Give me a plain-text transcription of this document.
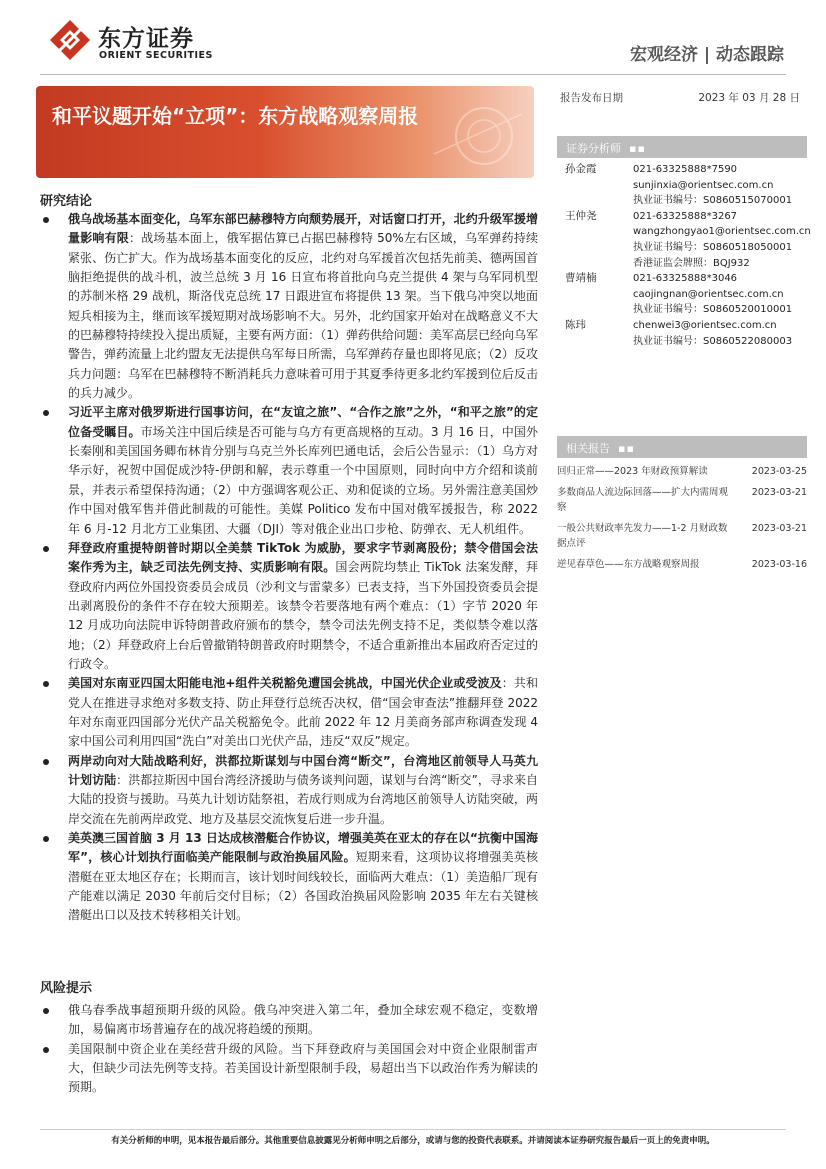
东方证券
ORIENT SECURITIES	宏观经济 | 动态跟踪
和平议题开始“立项”：东方战略观察周报
报告发布日期	2023 年 03 月 28 日
证券分析师 ▪▪
孙金霞	021-63325888*7590
sunjinxia@orientsec.com.cn
执业证书编号：S0860515070001
王仲尧	021-63325888*3267
wangzhongyao1@orientsec.com.cn
执业证书编号：S0860518050001
香港证监会牌照：BQJ932
曹靖楠	021-63325888*3046
caojingnan@orientsec.com.cn
执业证书编号：S0860520010001
陈玮	chenwei3@orientsec.com.cn
执业证书编号：S0860522080003
相关报告 ▪▪
回归正常——2023 年财政预算解读	2023-03-25
多数商品人流边际回落——扩大内需周观察
2023-03-21
一般公共财政率先发力——1-2 月财政数据点评
2023-03-21
逆见春草色——东方战略观察周报	2023-03-16
研究结论
俄乌战场基本面变化，乌军东部巴赫穆特方向颓势展开，对话窗口打开，北约升级军援增量影响有限：战场基本面上，俄军据估算已占据巴赫穆特 50%左右区域，乌军弹药持续紧张、伤亡扩大。作为战场基本面变化的反应，北约对乌军援首次包括先前美、德两国首脑拒绝提供的战斗机，波兰总统 3 月 16 日宣布将首批向乌克兰提供 4 架与乌军同机型的苏制米格 29 战机，斯洛伐克总统 17 日跟进宣布将提供 13 架。当下俄乌冲突以地面短兵相接为主，继而该军援短期对战场影响不大。另外，北约国家开始对在战略意义不大的巴赫穆特持续投入提出质疑，主要有两方面：（1）弹药供给问题：美军高层已经向乌军警告，弹药流量上北约盟友无法提供乌军每日所需，乌军弹药存量也即将见底；（2）反攻兵力问题：乌军在巴赫穆特不断消耗兵力意味着可用于其夏季待更多北约军援到位后反击的兵力减少。
习近平主席对俄罗斯进行国事访问，在“友谊之旅”、“合作之旅”之外，“和平之旅”的定位备受瞩目。市场关注中国后续是否可能与乌方有更高规格的互动。3 月 16 日，中国外长秦刚和美国国务卿布林肯分别与乌克兰外长库列巴通电话，会后公告显示：（1）乌方对华示好，祝贺中国促成沙特-伊朗和解，表示尊重一个中国原则，同时向中方介绍和谈前景，并表示希望保持沟通；（2）中方强调客观公正、劝和促谈的立场。另外需注意美国炒作中国对俄军售并借此制裁的可能性。美媒 Politico 发布中国对俄军援报告，称 2022 年 6 月-12 月北方工业集团、大疆（DJI）等对俄企业出口步枪、防弹衣、无人机组件。
拜登政府重提特朗普时期以全美禁 TikTok 为威胁，要求字节剥离股份；禁令借国会法案作秀为主，缺乏司法先例支持、实质影响有限。国会两院均禁止 TikTok 法案发酵，拜登政府内两位外国投资委员会成员（沙利文与雷蒙多）已表支持，当下外国投资委员会提出剥离股份的条件不存在较大预期差。该禁令若要落地有两个难点：（1）字节 2020 年 12 月成功向法院申诉特朗普政府颁布的禁令，禁令司法先例支持不足，类似禁令难以落地；（2）拜登政府上台后曾撤销特朗普政府时期禁令，不适合重新推出本届政府否定过的行政令。
美国对东南亚四国太阳能电池+组件关税豁免遭国会挑战，中国光伏企业或受波及：共和党人在推进寻求绝对多数支持、防止拜登行总统否决权，借“国会审查法”推翻拜登 2022 年对东南亚四国部分光伏产品关税豁免令。此前 2022 年 12 月美商务部声称调查发现 4 家中国公司利用四国“洗白”对美出口光伏产品，违反“双反”规定。
两岸动向对大陆战略利好，洪都拉斯谋划与中国台湾“断交”，台湾地区前领导人马英九计划访陆：洪都拉斯因中国台湾经济援助与债务谈判问题，谋划与台湾“断交”，寻求来自大陆的投资与援助。马英九计划访陆祭祖，若成行则成为台湾地区前领导人访陆突破，两岸交流在先前两岸政党、地方及基层交流恢复后进一步升温。
美英澳三国首脑 3 月 13 日达成核潜艇合作协议，增强美英在亚太的存在以“抗衡中国海军”，核心计划执行面临美产能限制与政治换届风险。短期来看，这项协议将增强美英核潜艇在亚太地区存在；长期而言，该计划时间线较长，面临两大难点：（1）美造船厂现有产能难以满足 2030 年前后交付目标；（2）各国政治换届风险影响 2035 年左右关键核潜艇出口以及技术转移相关计划。
风险提示
俄乌春季战事超预期升级的风险。俄乌冲突进入第二年，叠加全球宏观不稳定，变数增加，易偏离市场普遍存在的战况将趋缓的预期。
美国限制中资企业在美经营升级的风险。当下拜登政府与美国国会对中资企业限制雷声大，但缺少司法先例等支持。若美国设计新型限制手段，易超出当下以政治作秀为解读的预期。
有关分析师的申明，见本报告最后部分。其他重要信息披露见分析师申明之后部分，或请与您的投资代表联系。并请阅读本证券研究报告最后一页上的免责申明。
